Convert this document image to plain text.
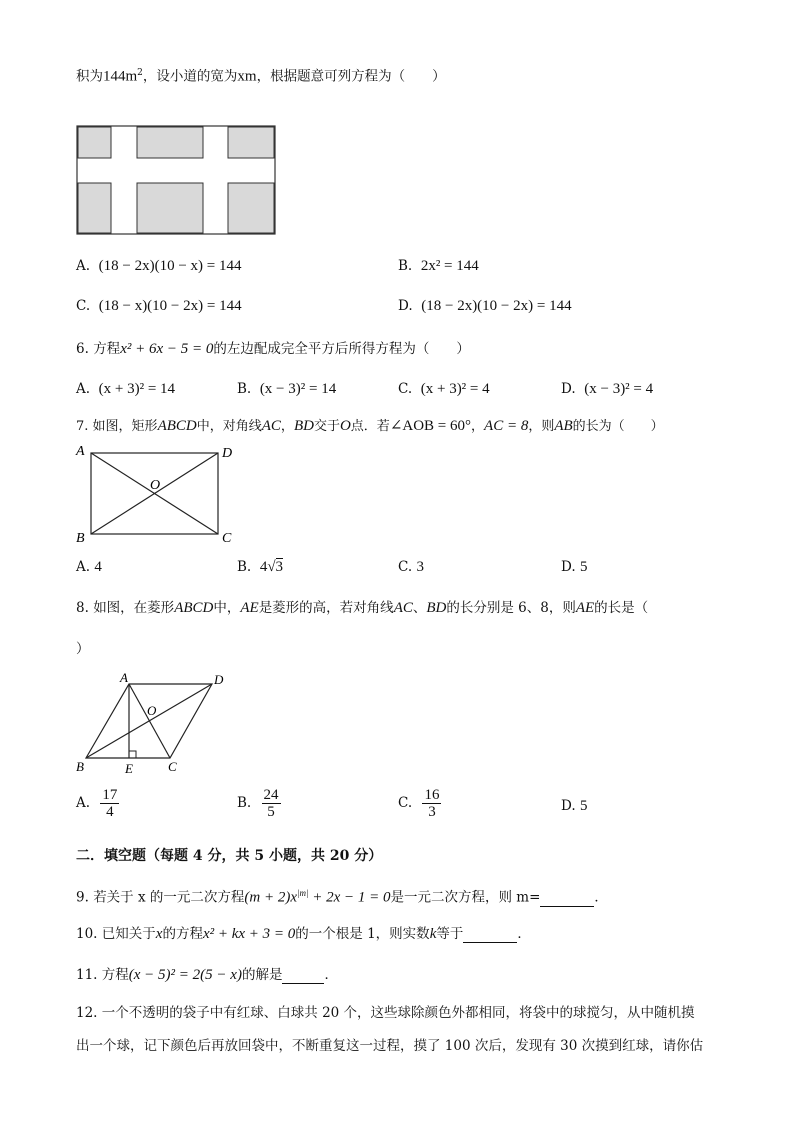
积为$144m^2$，设小道的宽为xm，根据题意可列方程为（　　）
A. (18 − 2x)(10 − x) = 144	B. 2x² = 144
C. (18 − x)(10 − 2x) = 144	D. (18 − 2x)(10 − 2x) = 144
6. 方程x² + 6x − 5 = 0的左边配成完全平方后所得方程为（　　）
A. (x + 3)² = 14	B. (x − 3)² = 14	C. (x + 3)² = 4	D. (x − 3)² = 4
7. 如图，矩形ABCD中，对角线AC，BD交于O点．若∠AOB = 60°，AC = 8，则AB的长为（　　）
A	D
B	C
O
A. 4	B. 4√3	C. 3	D. 5
8. 如图，在菱形ABCD中，AE是菱形的高，若对角线AC、BD的长分别是 6、8，则AE的长是（
）
A	D
B	E	C
O
A. $\frac{17}{4}$	B. $\frac{24}{5}$	C. $\frac{16}{3}$	D. 5
二．填空题（每题 4 分，共 5 小题，共 20 分）
9. 若关于 x 的一元二次方程$(m + 2)x^{|m|} + 2x - 1 = 0$是一元二次方程，则 m=	．
10. 已知关于x的方程x² + kx + 3 = 0的一个根是 1，则实数k等于	．
11. 方程(x − 5)² = 2(5 − x)的解是	．
12. 一个不透明的袋子中有红球、白球共 20 个，这些球除颜色外都相同，将袋中的球搅匀，从中随机摸
出一个球，记下颜色后再放回袋中，不断重复这一过程，摸了 100 次后，发现有 30 次摸到红球，请你估
